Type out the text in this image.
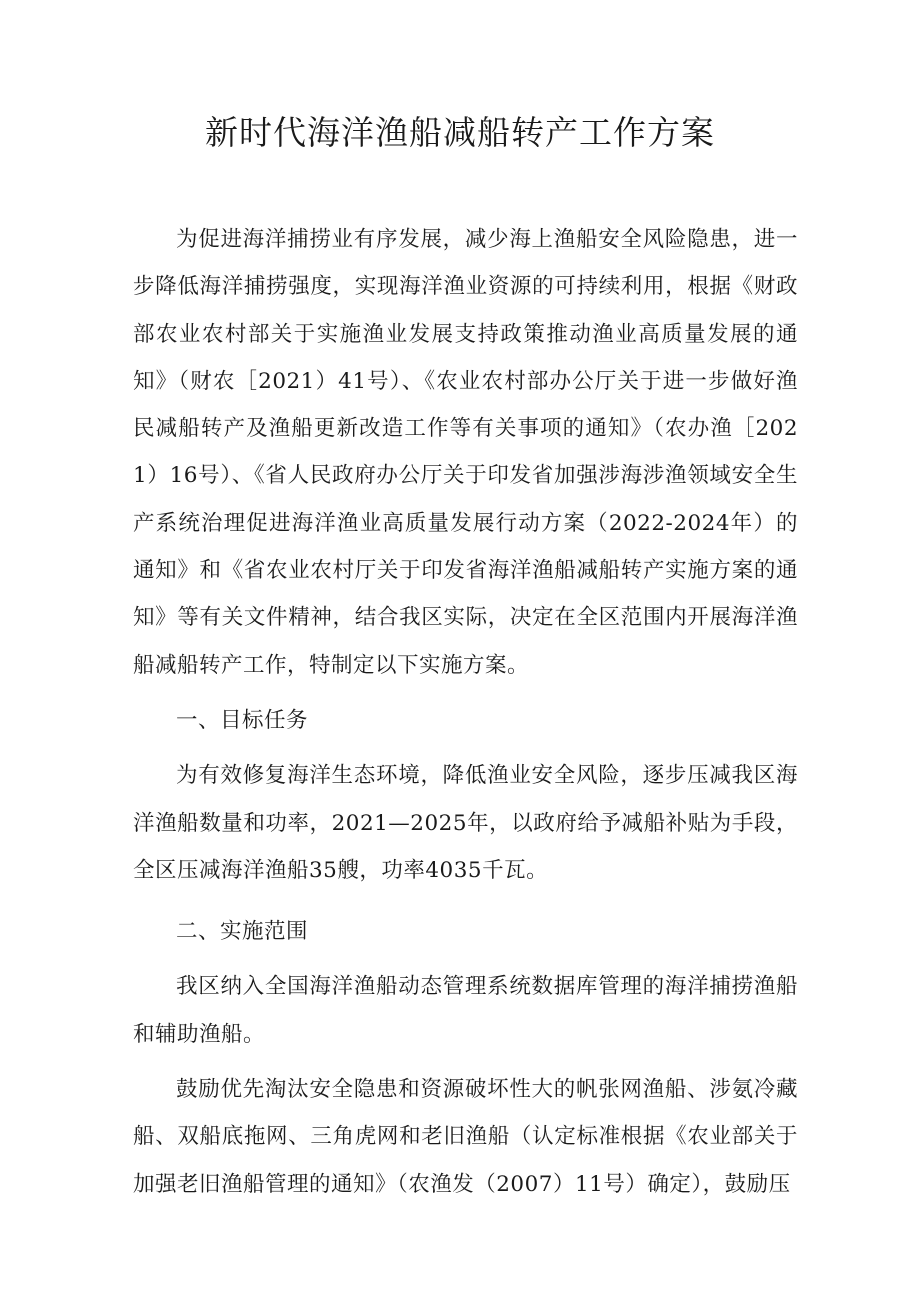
新时代海洋渔船减船转产工作方案

为促进海洋捕捞业有序发展，减少海上渔船安全风险隐患，进一步降低海洋捕捞强度，实现海洋渔业资源的可持续利用，根据《财政部农业农村部关于实施渔业发展支持政策推动渔业高质量发展的通知》（财农［2021）41号）、《农业农村部办公厅关于进一步做好渔民减船转产及渔船更新改造工作等有关事项的通知》（农办渔［2021）16号）、《省人民政府办公厅关于印发省加强涉海涉渔领域安全生产系统治理促进海洋渔业高质量发展行动方案（2022-2024年）的通知》和《省农业农村厅关于印发省海洋渔船减船转产实施方案的通知》等有关文件精神，结合我区实际，决定在全区范围内开展海洋渔船减船转产工作，特制定以下实施方案。

一、目标任务

为有效修复海洋生态环境，降低渔业安全风险，逐步压减我区海洋渔船数量和功率，2021—2025年，以政府给予减船补贴为手段，全区压减海洋渔船35艘，功率4035千瓦。

二、实施范围

我区纳入全国海洋渔船动态管理系统数据库管理的海洋捕捞渔船和辅助渔船。

鼓励优先淘汰安全隐患和资源破坏性大的帆张网渔船、涉氨冷藏船、双船底拖网、三角虎网和老旧渔船（认定标准根据《农业部关于加强老旧渔船管理的通知》（农渔发（2007）11号）确定），鼓励压
